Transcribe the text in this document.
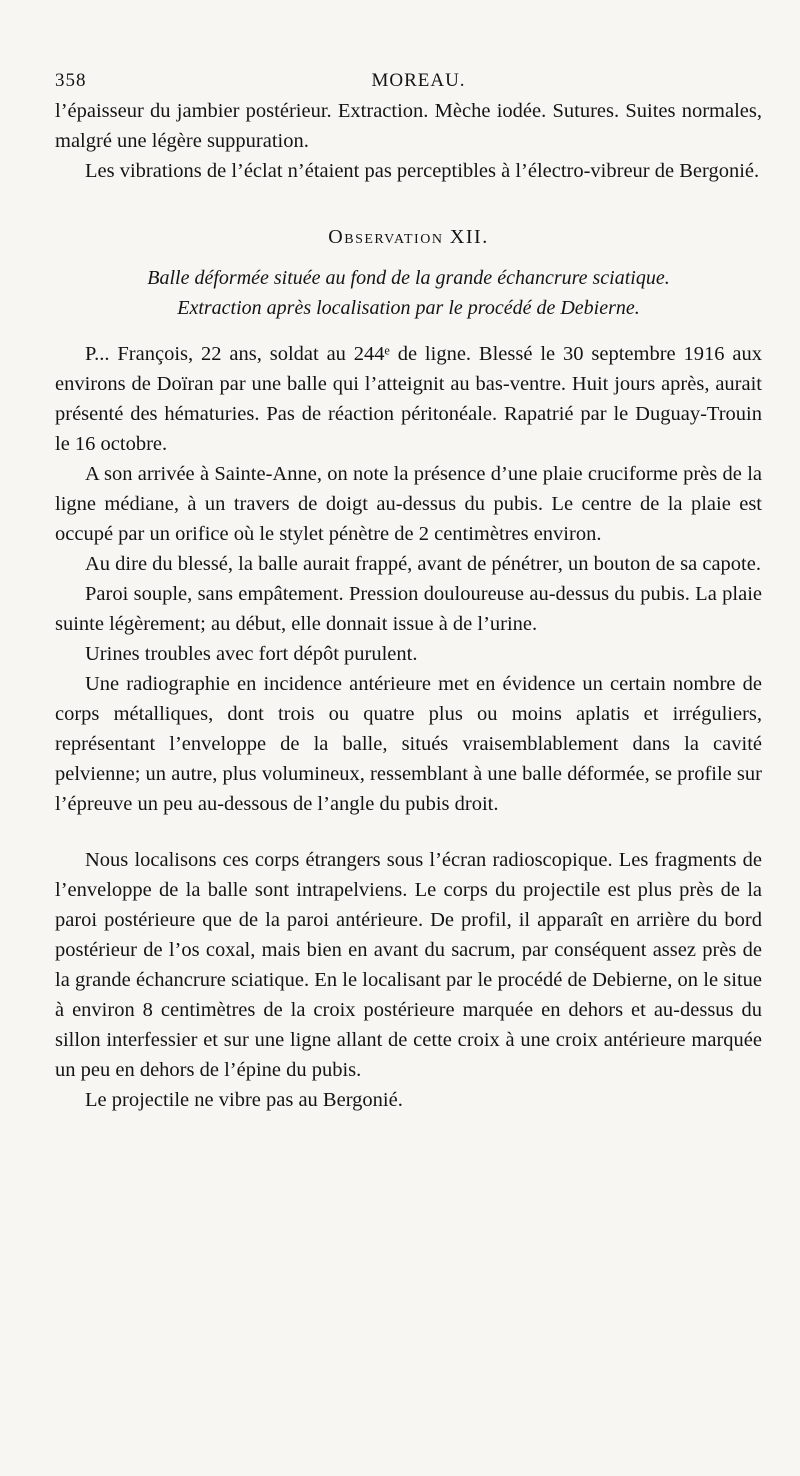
358	MOREAU.

l’épaisseur du jambier postérieur. Extraction. Mèche iodée. Sutures. Suites normales, malgré une légère suppuration.

Les vibrations de l’éclat n’étaient pas perceptibles à l’électro-vibreur de Bergonié.

Observation XII.
Balle déformée située au fond de la grande échancrure sciatique.
Extraction après localisation par le procédé de Debierne.

P... François, 22 ans, soldat au 244ᵉ de ligne. Blessé le 30 septembre 1916 aux environs de Doïran par une balle qui l’atteignit au bas-ventre. Huit jours après, aurait présenté des hématuries. Pas de réaction péritonéale. Rapatrié par le Duguay-Trouin le 16 octobre.

A son arrivée à Sainte-Anne, on note la présence d’une plaie cruciforme près de la ligne médiane, à un travers de doigt au-dessus du pubis. Le centre de la plaie est occupé par un orifice où le stylet pénètre de 2 centimètres environ.

Au dire du blessé, la balle aurait frappé, avant de pénétrer, un bouton de sa capote.

Paroi souple, sans empâtement. Pression douloureuse au-dessus du pubis. La plaie suinte légèrement; au début, elle donnait issue à de l’urine.

Urines troubles avec fort dépôt purulent.

Une radiographie en incidence antérieure met en évidence un certain nombre de corps métalliques, dont trois ou quatre plus ou moins aplatis et irréguliers, représentant l’enveloppe de la balle, situés vraisemblablement dans la cavité pelvienne; un autre, plus volumineux, ressemblant à une balle déformée, se profile sur l’épreuve un peu au-dessous de l’angle du pubis droit.

Nous localisons ces corps étrangers sous l’écran radioscopique. Les fragments de l’enveloppe de la balle sont intrapelviens. Le corps du projectile est plus près de la paroi postérieure que de la paroi antérieure. De profil, il apparaît en arrière du bord postérieur de l’os coxal, mais bien en avant du sacrum, par conséquent assez près de la grande échancrure sciatique. En le localisant par le procédé de Debierne, on le situe à environ 8 centimètres de la croix postérieure marquée en dehors et au-dessus du sillon interfessier et sur une ligne allant de cette croix à une croix antérieure marquée un peu en dehors de l’épine du pubis.

Le projectile ne vibre pas au Bergonié.
